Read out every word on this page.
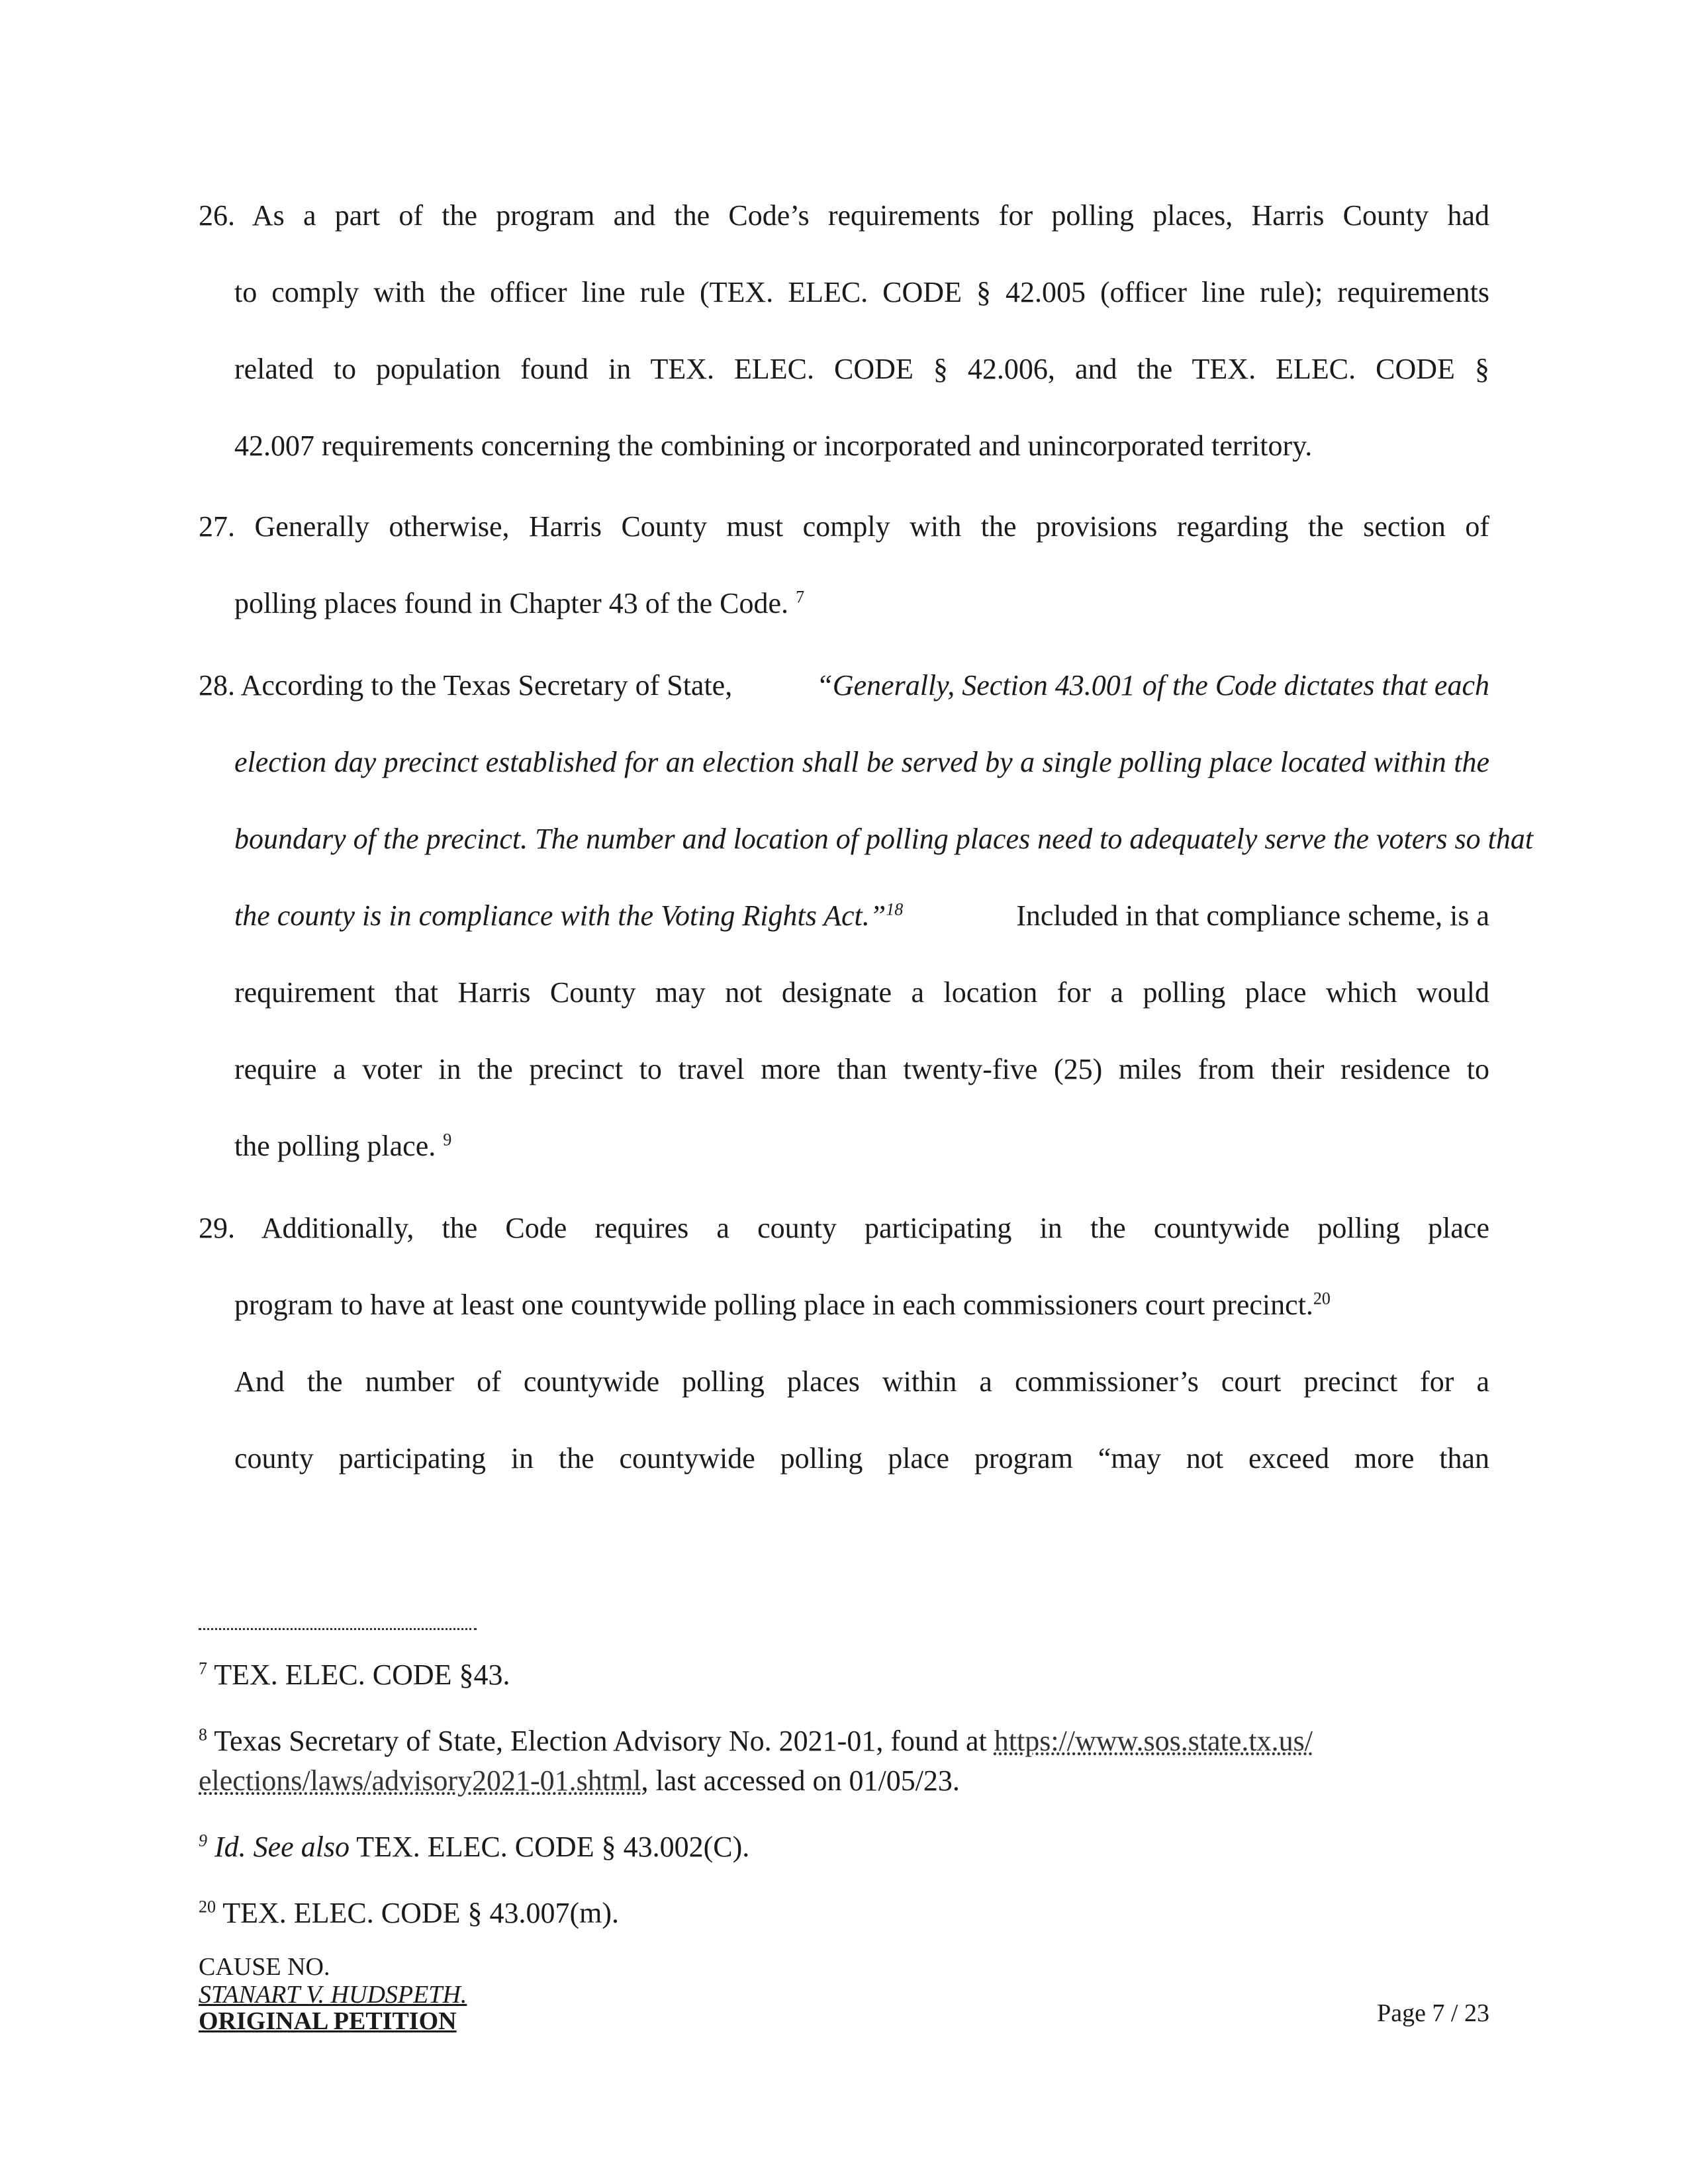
26. As a part of the program and the Code’s requirements for polling places, Harris County had
to comply with the officer line rule (TEX. ELEC. CODE § 42.005 (officer line rule); requirements
related to population found in TEX. ELEC. CODE § 42.006, and the TEX. ELEC. CODE §
42.007 requirements concerning the combining or incorporated and unincorporated territory.
27. Generally otherwise, Harris County must comply with the provisions regarding the section of
polling places found in Chapter 43 of the Code. $^7$
28. According to the Texas Secretary of State,	“Generally, Section 43.001 of the Code dictates that each
election day precinct established for an election shall be served by a single polling place located within the
boundary of the precinct. The number and location of polling places need to adequately serve the voters so that
the county is in compliance with the Voting Rights Act.”$^{18}$	Included in that compliance scheme, is a
requirement that Harris County may not designate a location for a polling place which would
require a voter in the precinct to travel more than twenty-five (25) miles from their residence to
the polling place. $^9$
29. Additionally, the Code requires a county participating in the countywide polling place
program to have at least one countywide polling place in each commissioners court precinct.$^{20}$
And the number of countywide polling places within a commissioner’s court precinct for a
county participating in the countywide polling place program “may not exceed more than
$^7$ TEX. ELEC. CODE §43.
$^8$ Texas Secretary of State, Election Advisory No. 2021-01, found at https://www.sos.state.tx.us/
elections/laws/advisory2021-01.shtml, last accessed on 01/05/23.
$^9$ Id. See also TEX. ELEC. CODE § 43.002(C).
$^{20}$ TEX. ELEC. CODE § 43.007(m).
CAUSE NO.
STANART V. HUDSPETH.
ORIGINAL PETITION	Page 7 / 23
